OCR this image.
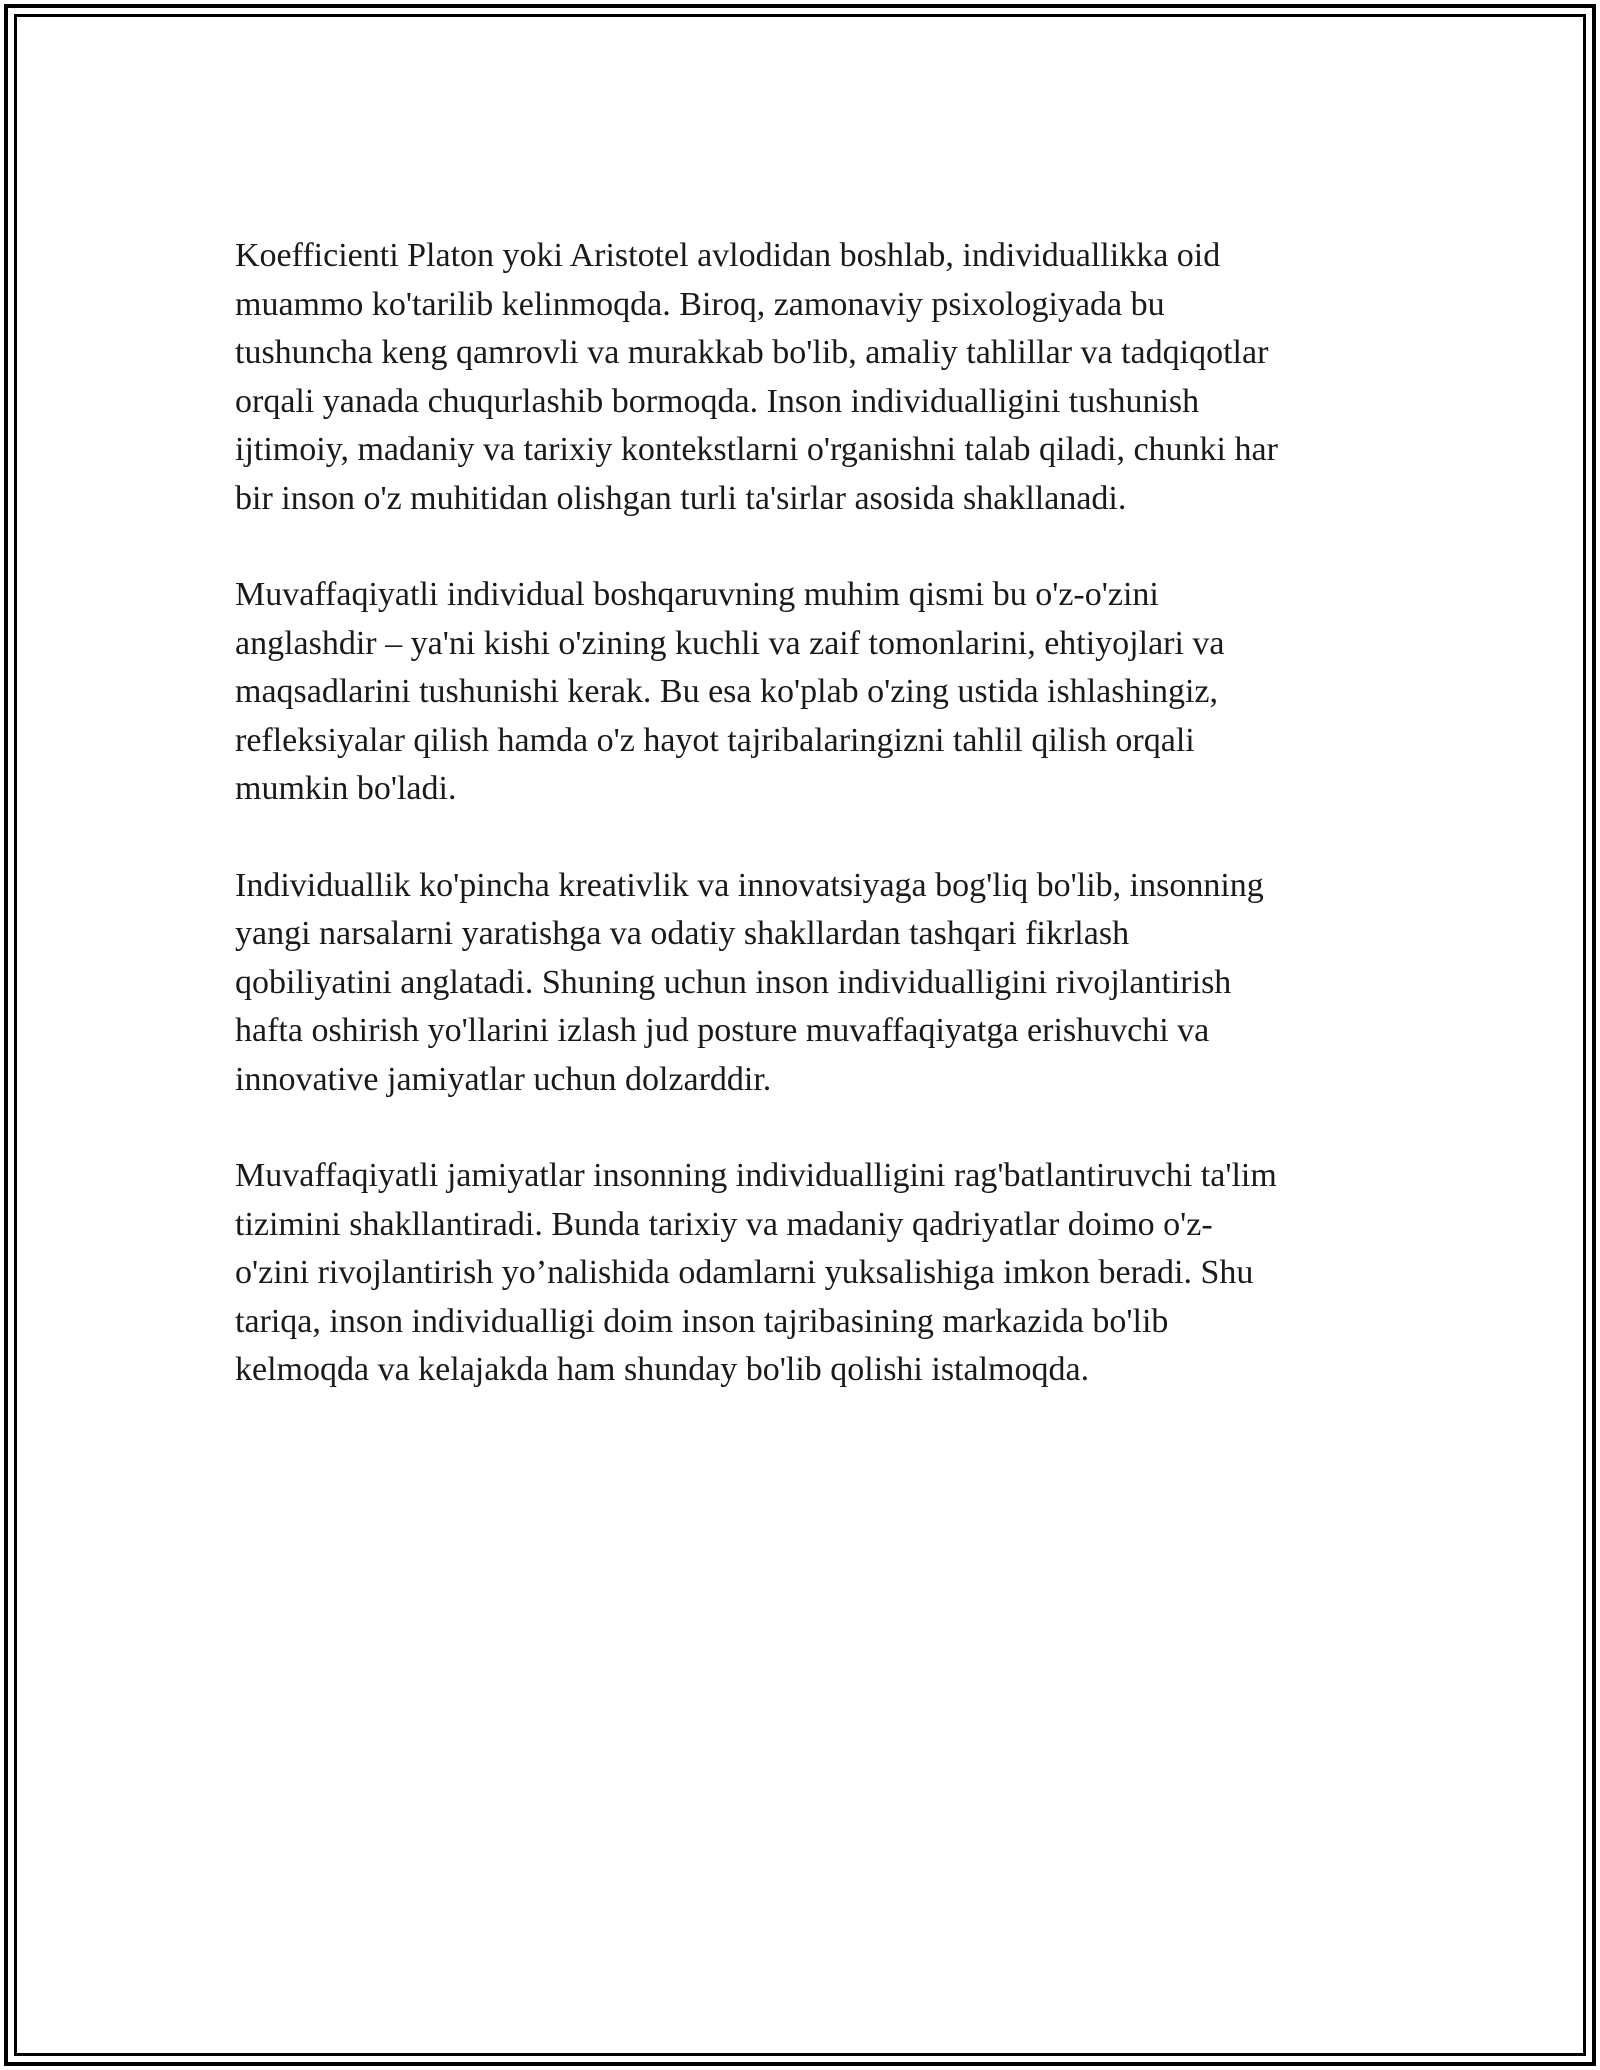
Koefficienti Platon yoki Aristotel avlodidan boshlab, individuallikka oid
muammo ko'tarilib kelinmoqda. Biroq, zamonaviy psixologiyada bu
tushuncha keng qamrovli va murakkab bo'lib, amaliy tahlillar va tadqiqotlar
orqali yanada chuqurlashib bormoqda. Inson individualligini tushunish
ijtimoiy, madaniy va tarixiy kontekstlarni o'rganishni talab qiladi, chunki har
bir inson o'z muhitidan olishgan turli ta'sirlar asosida shakllanadi.

Muvaffaqiyatli individual boshqaruvning muhim qismi bu o'z-o'zini
anglashdir – ya'ni kishi o'zining kuchli va zaif tomonlarini, ehtiyojlari va
maqsadlarini tushunishi kerak. Bu esa ko'plab o'zing ustida ishlashingiz,
refleksiyalar qilish hamda o'z hayot tajribalaringizni tahlil qilish orqali
mumkin bo'ladi.

Individuallik ko'pincha kreativlik va innovatsiyaga bog'liq bo'lib, insonning
yangi narsalarni yaratishga va odatiy shakllardan tashqari fikrlash
qobiliyatini anglatadi. Shuning uchun inson individualligini rivojlantirish
hafta oshirish yo'llarini izlash jud posture muvaffaqiyatga erishuvchi va
innovative jamiyatlar uchun dolzarddir.

Muvaffaqiyatli jamiyatlar insonning individualligini rag'batlantiruvchi ta'lim
tizimini shakllantiradi. Bunda tarixiy va madaniy qadriyatlar doimo o'z-
o'zini rivojlantirish yo’nalishida odamlarni yuksalishiga imkon beradi. Shu
tariqa, inson individualligi doim inson tajribasining markazida bo'lib
kelmoqda va kelajakda ham shunday bo'lib qolishi istalmoqda.
